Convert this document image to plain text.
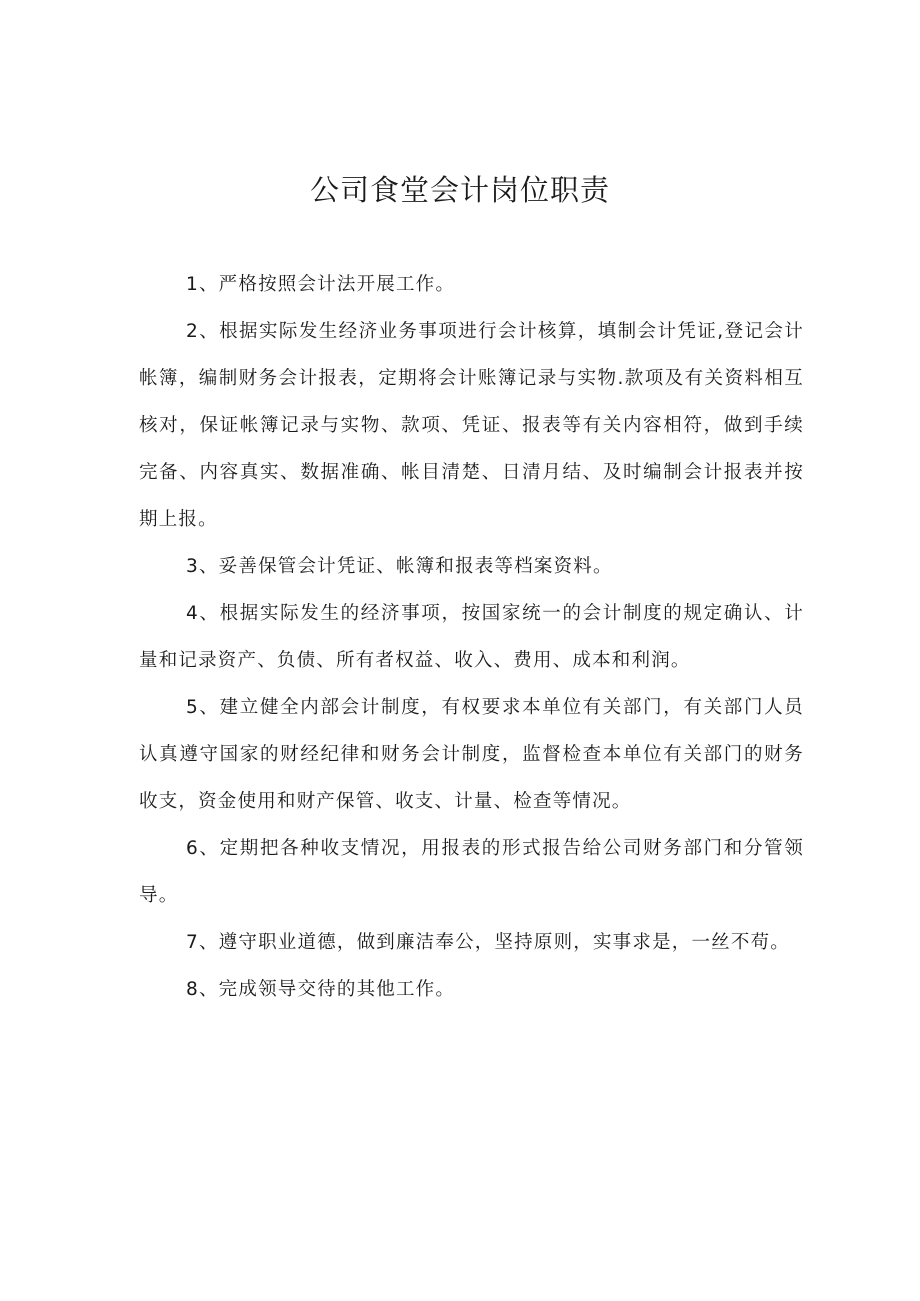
公司食堂会计岗位职责

1、严格按照会计法开展工作。

2、根据实际发生经济业务事项进行会计核算，填制会计凭证,登记会计帐簿，编制财务会计报表，定期将会计账簿记录与实物.款项及有关资料相互核对，保证帐簿记录与实物、款项、凭证、报表等有关内容相符，做到手续完备、内容真实、数据准确、帐目清楚、日清月结、及时编制会计报表并按期上报。

3、妥善保管会计凭证、帐簿和报表等档案资料。

4、根据实际发生的经济事项，按国家统一的会计制度的规定确认、计量和记录资产、负债、所有者权益、收入、费用、成本和利润。

5、建立健全内部会计制度，有权要求本单位有关部门，有关部门人员认真遵守国家的财经纪律和财务会计制度，监督检查本单位有关部门的财务收支，资金使用和财产保管、收支、计量、检查等情况。

6、定期把各种收支情况，用报表的形式报告给公司财务部门和分管领导。

7、遵守职业道德，做到廉洁奉公，坚持原则，实事求是，一丝不苟。

8、完成领导交待的其他工作。
